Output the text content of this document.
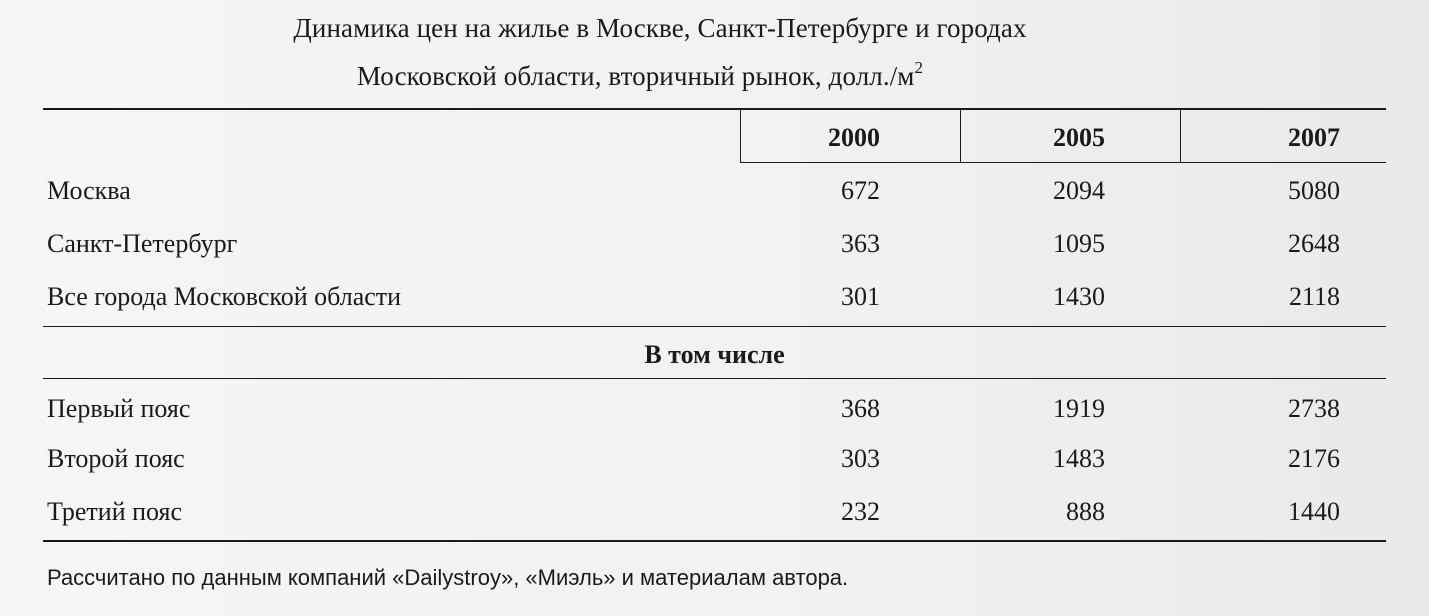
Динамика цен на жилье в Москве, Санкт-Петербурге и городах
Московской области, вторичный рынок, $долл./м^2$
2000	2005	2007
Москва	672	2094	5080
Санкт-Петербург	363	1095	2648
Все города Московской области	301	1430	2118
В том числе
Первый пояс	368	1919	2738
Второй пояс	303	1483	2176
Третий пояс	232	888	1440
Рассчитано по данным компаний «Dailystroy», «Миэль» и материалам автора.
